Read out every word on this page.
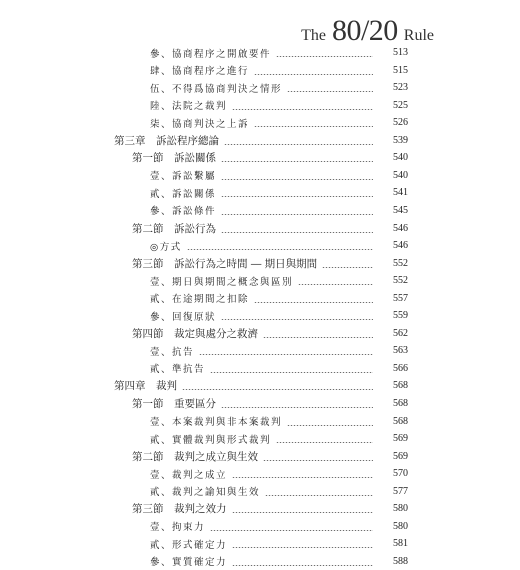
The 80/20 Rule
參、協商程序之開啟要件	513
肆、協商程序之進行	515
伍、不得爲協商判決之情形	523
陸、法院之裁判	525
柒、協商判決之上訴	526
第三章　訴訟程序總論	539
第一節　訴訟關係	540
壹、訴訟繫屬	540
貳、訴訟關係	541
參、訴訟條件	545
第二節　訴訟行為	546
◎方式	546
第三節　訴訟行為之時間 ― 期日與期間	552
壹、期日與期間之概念與區別	552
貳、在途期間之扣除	557
參、回復原狀	559
第四節　裁定與處分之救濟	562
壹、抗告	563
貳、準抗告	566
第四章　裁判	568
第一節　重要區分	568
壹、本案裁判與非本案裁判	568
貳、實體裁判與形式裁判	569
第二節　裁判之成立與生效	569
壹、裁判之成立	570
貳、裁判之諭知與生效	577
第三節　裁判之效力	580
壹、拘束力	580
貳、形式確定力	581
參、實質確定力	588
